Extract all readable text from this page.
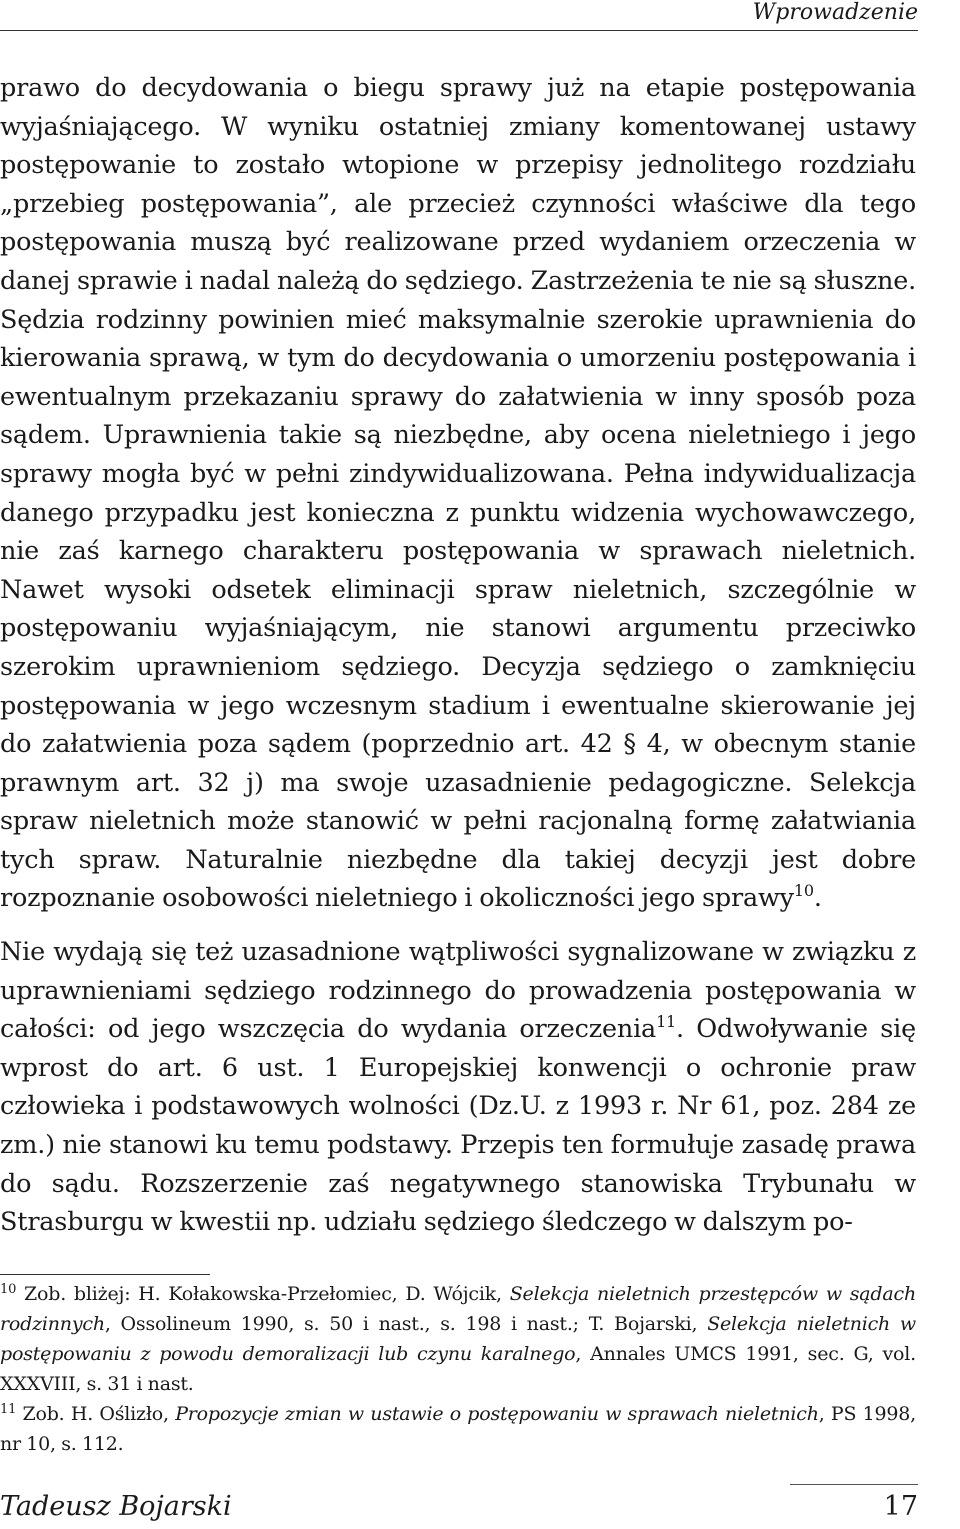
Wprowadzenie

prawo do decydowania o biegu sprawy już na etapie postępowania wyjaśniającego. W wyniku ostatniej zmiany komentowanej ustawy postępowanie to zostało wtopione w przepisy jednolitego rozdziału „przebieg postępowania”, ale przecież czynności właściwe dla tego postępowania muszą być realizowane przed wydaniem orzeczenia w danej sprawie i nadal należą do sędziego. Zastrzeżenia te nie są słuszne. Sędzia rodzinny powinien mieć maksymalnie szerokie uprawnienia do kierowania sprawą, w tym do decydowania o umorzeniu postępowania i ewentualnym przekazaniu sprawy do załatwienia w inny sposób poza sądem. Uprawnienia takie są niezbędne, aby ocena nieletniego i jego sprawy mogła być w pełni zindywidualizowana. Pełna indywidualizacja danego przypadku jest konieczna z punktu widzenia wychowawczego, nie zaś karnego charakteru postępowania w sprawach nieletnich. Nawet wysoki odsetek eliminacji spraw nieletnich, szczególnie w postępowaniu wyjaśniającym, nie stanowi argumentu przeciwko szerokim uprawnieniom sędziego. Decyzja sędziego o zamknięciu postępowania w jego wczesnym stadium i ewentualne skierowanie jej do załatwienia poza sądem (poprzednio art. 42 § 4, w obecnym stanie prawnym art. 32 j) ma swoje uzasadnienie pedagogiczne. Selekcja spraw nieletnich może stanowić w pełni racjonalną formę załatwiania tych spraw. Naturalnie niezbędne dla takiej decyzji jest dobre rozpoznanie osobowości nieletniego i okoliczności jego sprawy$^{10}$.

Nie wydają się też uzasadnione wątpliwości sygnalizowane w związku z uprawnieniami sędziego rodzinnego do prowadzenia postępowania w całości: od jego wszczęcia do wydania orzeczenia$^{11}$. Odwoływanie się wprost do art. 6 ust. 1 Europejskiej konwencji o ochronie praw człowieka i podstawowych wolności (Dz.U. z 1993 r. Nr 61, poz. 284 ze zm.) nie stanowi ku temu podstawy. Przepis ten formułuje zasadę prawa do sądu. Rozszerzenie zaś negatywnego stanowiska Trybunału w Strasburgu w kwestii np. udziału sędziego śledczego w dalszym po-

$^{10}$ Zob. bliżej: H. Kołakowska-Przełomiec, D. Wójcik, Selekcja nieletnich przestępców w sądach rodzinnych, Ossolineum 1990, s. 50 i nast., s. 198 i nast.; T. Bojarski, Selekcja nieletnich w postępowaniu z powodu demoralizacji lub czynu karalnego, Annales UMCS 1991, sec. G, vol. XXXVIII, s. 31 i nast.

$^{11}$ Zob. H. Oślizło, Propozycje zmian w ustawie o postępowaniu w sprawach nieletnich, PS 1998, nr 10, s. 112.

Tadeusz Bojarski	17
